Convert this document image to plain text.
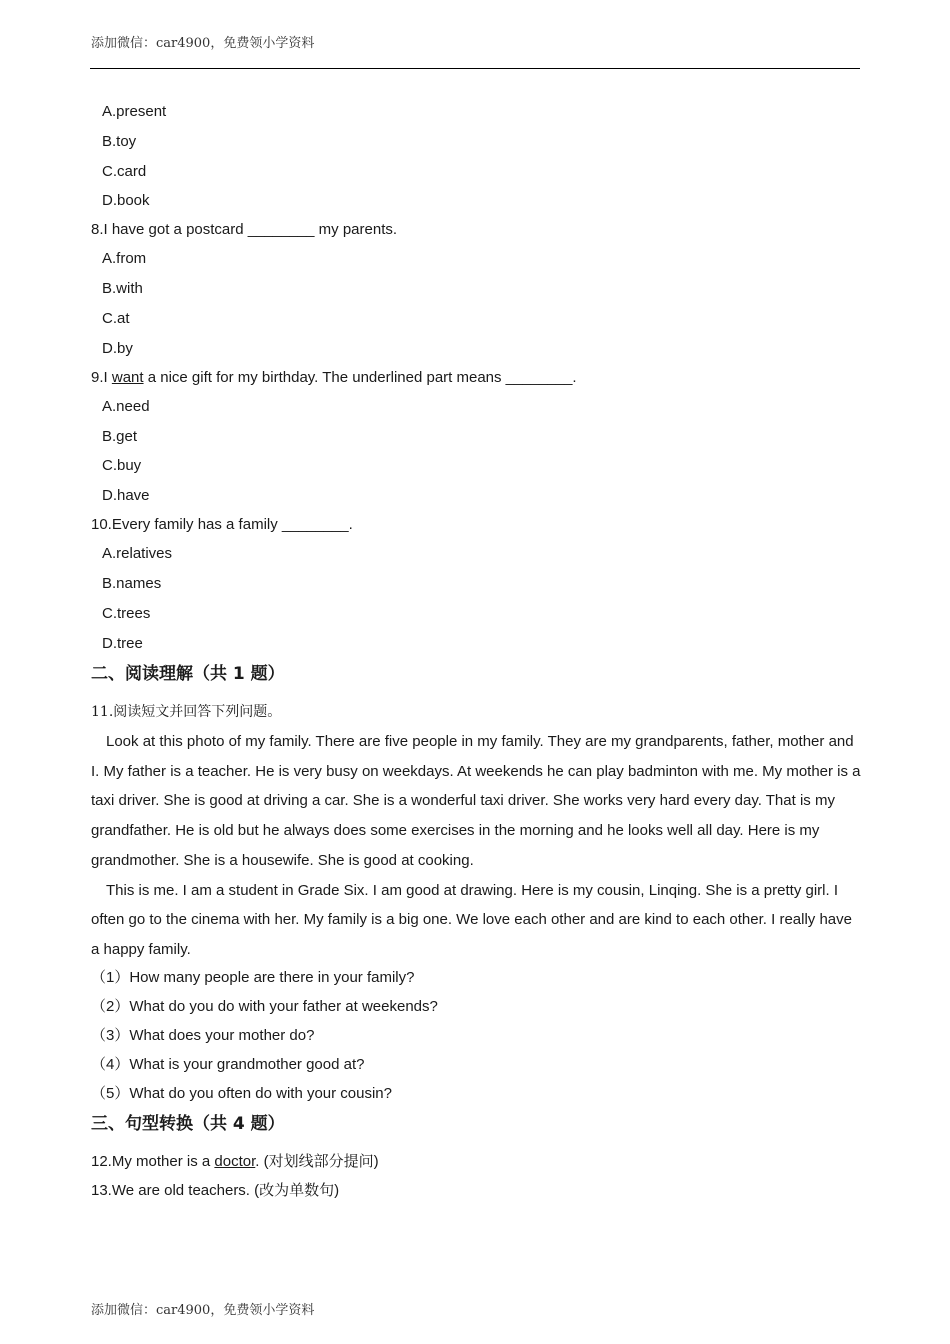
添加微信：car4900，免费领小学资料
A.present
B.toy
C.card
D.book
8.I have got a postcard ________ my parents.
A.from
B.with
C.at
D.by
9.I want a nice gift for my birthday. The underlined part means ________.
A.need
B.get
C.buy
D.have
10.Every family has a family ________.
A.relatives
B.names
C.trees
D.tree
二、阅读理解（共 1 题）
11.阅读短文并回答下列问题。

Look at this photo of my family. There are five people in my family. They are my grandparents, father, mother and I. My father is a teacher. He is very busy on weekdays. At weekends he can play badminton with me. My mother is a taxi driver. She is good at driving a car. She is a wonderful taxi driver. She works very hard every day. That is my grandfather. He is old but he always does some exercises in the morning and he looks well all day. Here is my grandmother. She is a housewife. She is good at cooking.

This is me. I am a student in Grade Six. I am good at drawing. Here is my cousin, Linqing. She is a pretty girl. I often go to the cinema with her. My family is a big one. We love each other and are kind to each other. I really have a happy family.

（1）How many people are there in your family?
（2）What do you do with your father at weekends?
（3）What does your mother do?
（4）What is your grandmother good at?
（5）What do you often do with your cousin?
三、句型转换（共 4 题）
12.My mother is a doctor. (对划线部分提问)
13.We are old teachers. (改为单数句)
添加微信：car4900，免费领小学资料
